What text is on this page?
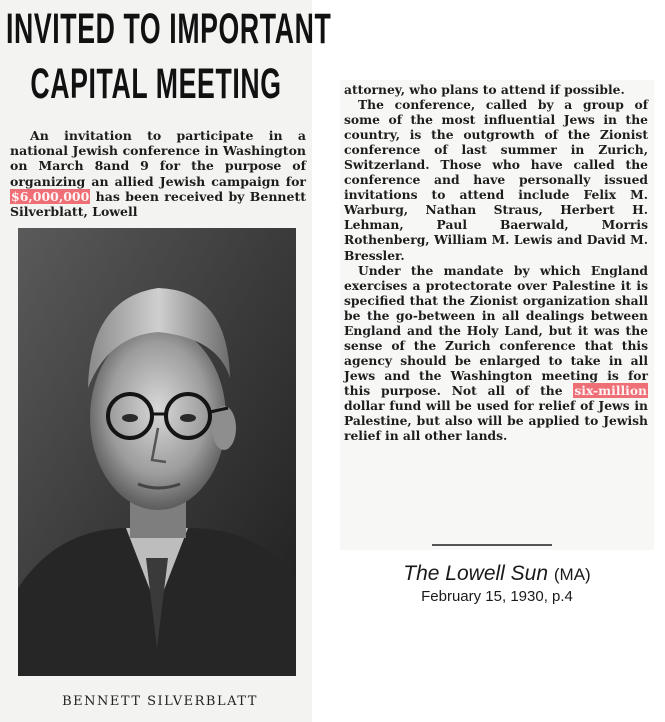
INVITED TO IMPORTANT
CAPITAL MEETING

An invitation to participate in a national Jewish conference in Washington on March 8and 9 for the purpose of organizing an allied Jewish campaign for $6,000,000 has been received by Bennett Silverblatt, Lowell

BENNETT SILVERBLATT

attorney, who plans to attend if possible.

The conference, called by a group of some of the most influential Jews in the country, is the outgrowth of the Zionist conference of last summer in Zurich, Switzerland. Those who have called the conference and have personally issued invitations to attend include Felix M. Warburg, Nathan Straus, Herbert H. Lehman, Paul Baerwald, Morris Rothenberg, William M. Lewis and David M. Bressler.

Under the mandate by which England exercises a protectorate over Palestine it is specified that the Zionist organization shall be the go-between in all dealings between England and the Holy Land, but it was the sense of the Zurich conference that this agency should be enlarged to take in all Jews and the Washington meeting is for this purpose. Not all of the six-million dollar fund will be used for relief of Jews in Palestine, but also will be applied to Jewish relief in all other lands.

The Lowell Sun (MA)
February 15, 1930, p.4
